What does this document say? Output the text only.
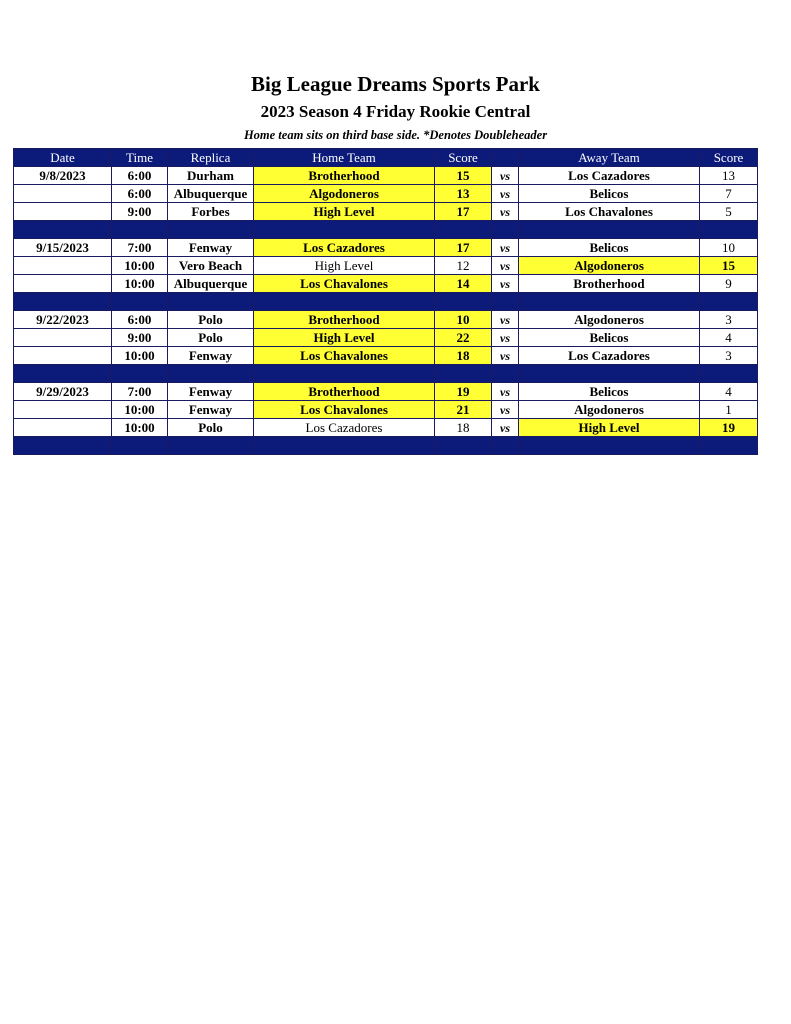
Big League Dreams Sports Park
2023 Season 4 Friday Rookie Central
Home team sits on third base side. *Denotes Doubleheader
Date	Time	Replica	Home Team	Score		Away Team	Score
9/8/2023	6:00	Durham	Brotherhood	15	vs	Los Cazadores	13
	6:00	Albuquerque	Algodoneros	13	vs	Belicos	7
	9:00	Forbes	High Level	17	vs	Los Chavalones	5

9/15/2023	7:00	Fenway	Los Cazadores	17	vs	Belicos	10
	10:00	Vero Beach	High Level	12	vs	Algodoneros	15
	10:00	Albuquerque	Los Chavalones	14	vs	Brotherhood	9

9/22/2023	6:00	Polo	Brotherhood	10	vs	Algodoneros	3
	9:00	Polo	High Level	22	vs	Belicos	4
	10:00	Fenway	Los Chavalones	18	vs	Los Cazadores	3

9/29/2023	7:00	Fenway	Brotherhood	19	vs	Belicos	4
	10:00	Fenway	Los Chavalones	21	vs	Algodoneros	1
	10:00	Polo	Los Cazadores	18	vs	High Level	19
